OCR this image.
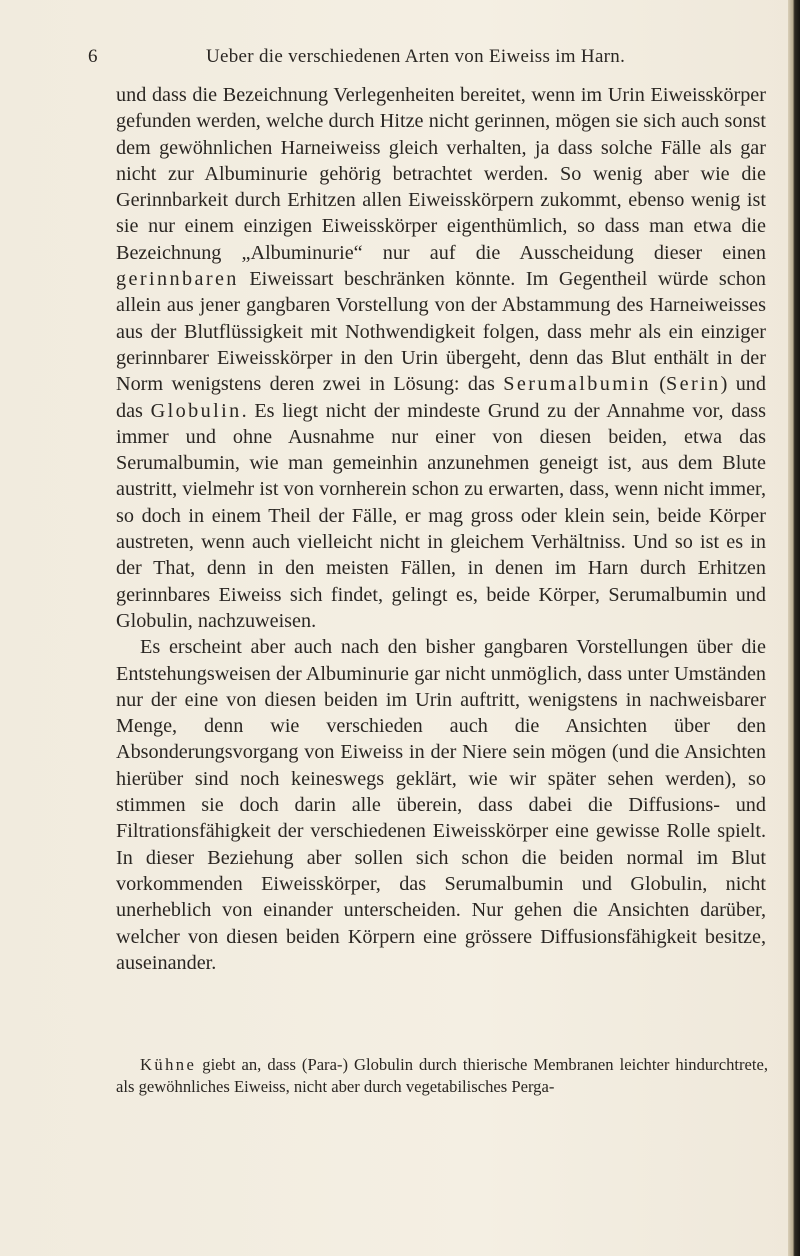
6	Ueber die verschiedenen Arten von Eiweiss im Harn.

und dass die Bezeichnung Verlegenheiten bereitet, wenn im Urin Eiweisskörper gefunden werden, welche durch Hitze nicht gerinnen, mögen sie sich auch sonst dem gewöhnlichen Harneiweiss gleich verhalten, ja dass solche Fälle als gar nicht zur Albuminurie gehörig betrachtet werden. So wenig aber wie die Gerinnbarkeit durch Erhitzen allen Eiweisskörpern zukommt, ebenso wenig ist sie nur einem einzigen Eiweisskörper eigenthümlich, so dass man etwa die Bezeichnung „Albuminurie“ nur auf die Ausscheidung dieser einen gerinnbaren Eiweissart beschränken könnte. Im Gegentheil würde schon allein aus jener gangbaren Vorstellung von der Abstammung des Harneiweisses aus der Blutflüssigkeit mit Nothwendigkeit folgen, dass mehr als ein einziger gerinnbarer Eiweisskörper in den Urin übergeht, denn das Blut enthält in der Norm wenigstens deren zwei in Lösung: das Serumalbumin (Serin) und das Globulin. Es liegt nicht der mindeste Grund zu der Annahme vor, dass immer und ohne Ausnahme nur einer von diesen beiden, etwa das Serumalbumin, wie man gemeinhin anzunehmen geneigt ist, aus dem Blute austritt, vielmehr ist von vornherein schon zu erwarten, dass, wenn nicht immer, so doch in einem Theil der Fälle, er mag gross oder klein sein, beide Körper austreten, wenn auch vielleicht nicht in gleichem Verhältniss. Und so ist es in der That, denn in den meisten Fällen, in denen im Harn durch Erhitzen gerinnbares Eiweiss sich findet, gelingt es, beide Körper, Serumalbumin und Globulin, nachzuweisen.

Es erscheint aber auch nach den bisher gangbaren Vorstellungen über die Entstehungsweisen der Albuminurie gar nicht unmöglich, dass unter Umständen nur der eine von diesen beiden im Urin auftritt, wenigstens in nachweisbarer Menge, denn wie verschieden auch die Ansichten über den Absonderungsvorgang von Eiweiss in der Niere sein mögen (und die Ansichten hierüber sind noch keineswegs geklärt, wie wir später sehen werden), so stimmen sie doch darin alle überein, dass dabei die Diffusions- und Filtrationsfähigkeit der verschiedenen Eiweisskörper eine gewisse Rolle spielt. In dieser Beziehung aber sollen sich schon die beiden normal im Blut vorkommenden Eiweisskörper, das Serumalbumin und Globulin, nicht unerheblich von einander unterscheiden. Nur gehen die Ansichten darüber, welcher von diesen beiden Körpern eine grössere Diffusionsfähigkeit besitze, auseinander.

Kühne giebt an, dass (Para-) Globulin durch thierische Membranen leichter hindurchtrete, als gewöhnliches Eiweiss, nicht aber durch vegetabilisches Perga-
